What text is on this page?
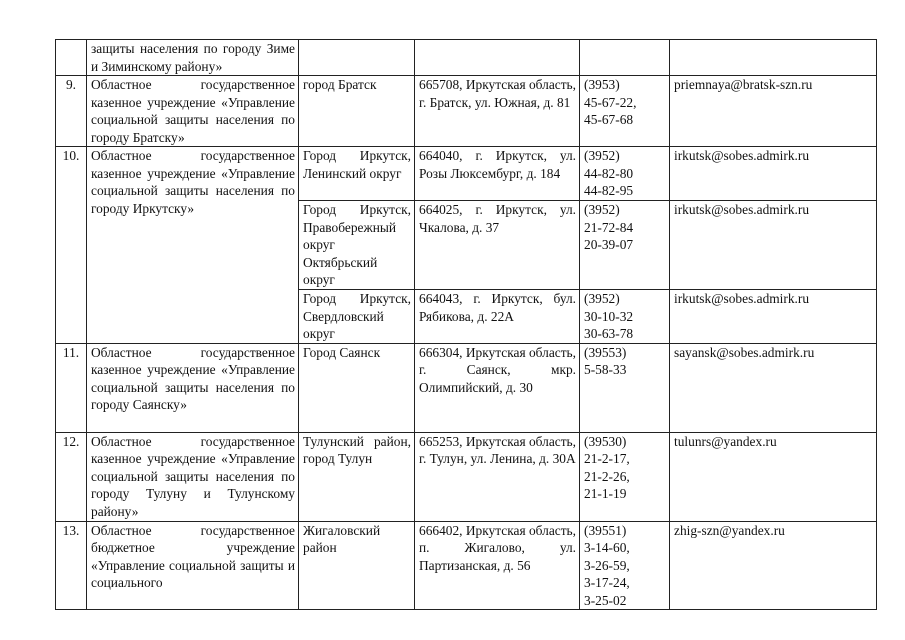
	защиты населения по городу Зиме и Зиминскому району»				
9.	Областное государственное казенное учреждение «Управление социальной защиты населения по городу Братску»	город Братск	665708, Иркутская область, г. Братск, ул. Южная, д. 81	(3953)
45-67-22,
45-67-68	priemnaya@bratsk-szn.ru
10.	Областное государственное казенное учреждение «Управление социальной защиты населения по городу Иркутску»	Город Иркутск, Ленинский округ	664040, г. Иркутск, ул. Розы Люксембург, д. 184	(3952)
44-82-80
44-82-95	irkutsk@sobes.admirk.ru
		Город Иркутск, Правобережный округ Октябрьский округ	664025, г. Иркутск, ул. Чкалова, д. 37	(3952)
21-72-84
20-39-07	irkutsk@sobes.admirk.ru
		Город Иркутск, Свердловский округ	664043, г. Иркутск, бул. Рябикова, д. 22А	(3952)
30-10-32
30-63-78	irkutsk@sobes.admirk.ru
11.	Областное государственное казенное учреждение «Управление социальной защиты населения по городу Саянску»	Город Саянск	666304, Иркутская область, г. Саянск, мкр. Олимпийский, д. 30	(39553)
5-58-33	sayansk@sobes.admirk.ru
12.	Областное государственное казенное учреждение «Управление социальной защиты населения по городу Тулуну и Тулунскому району»	Тулунский район, город Тулун	665253, Иркутская область, г. Тулун, ул. Ленина, д. 30А	(39530)
21-2-17,
21-2-26,
21-1-19	tulunrs@yandex.ru
13.	Областное государственное бюджетное учреждение «Управление социальной защиты и социального	Жигаловский район	666402, Иркутская область, п. Жигалово, ул. Партизанская, д. 56	(39551)
3-14-60,
3-26-59,
3-17-24,
3-25-02	zhig-szn@yandex.ru
